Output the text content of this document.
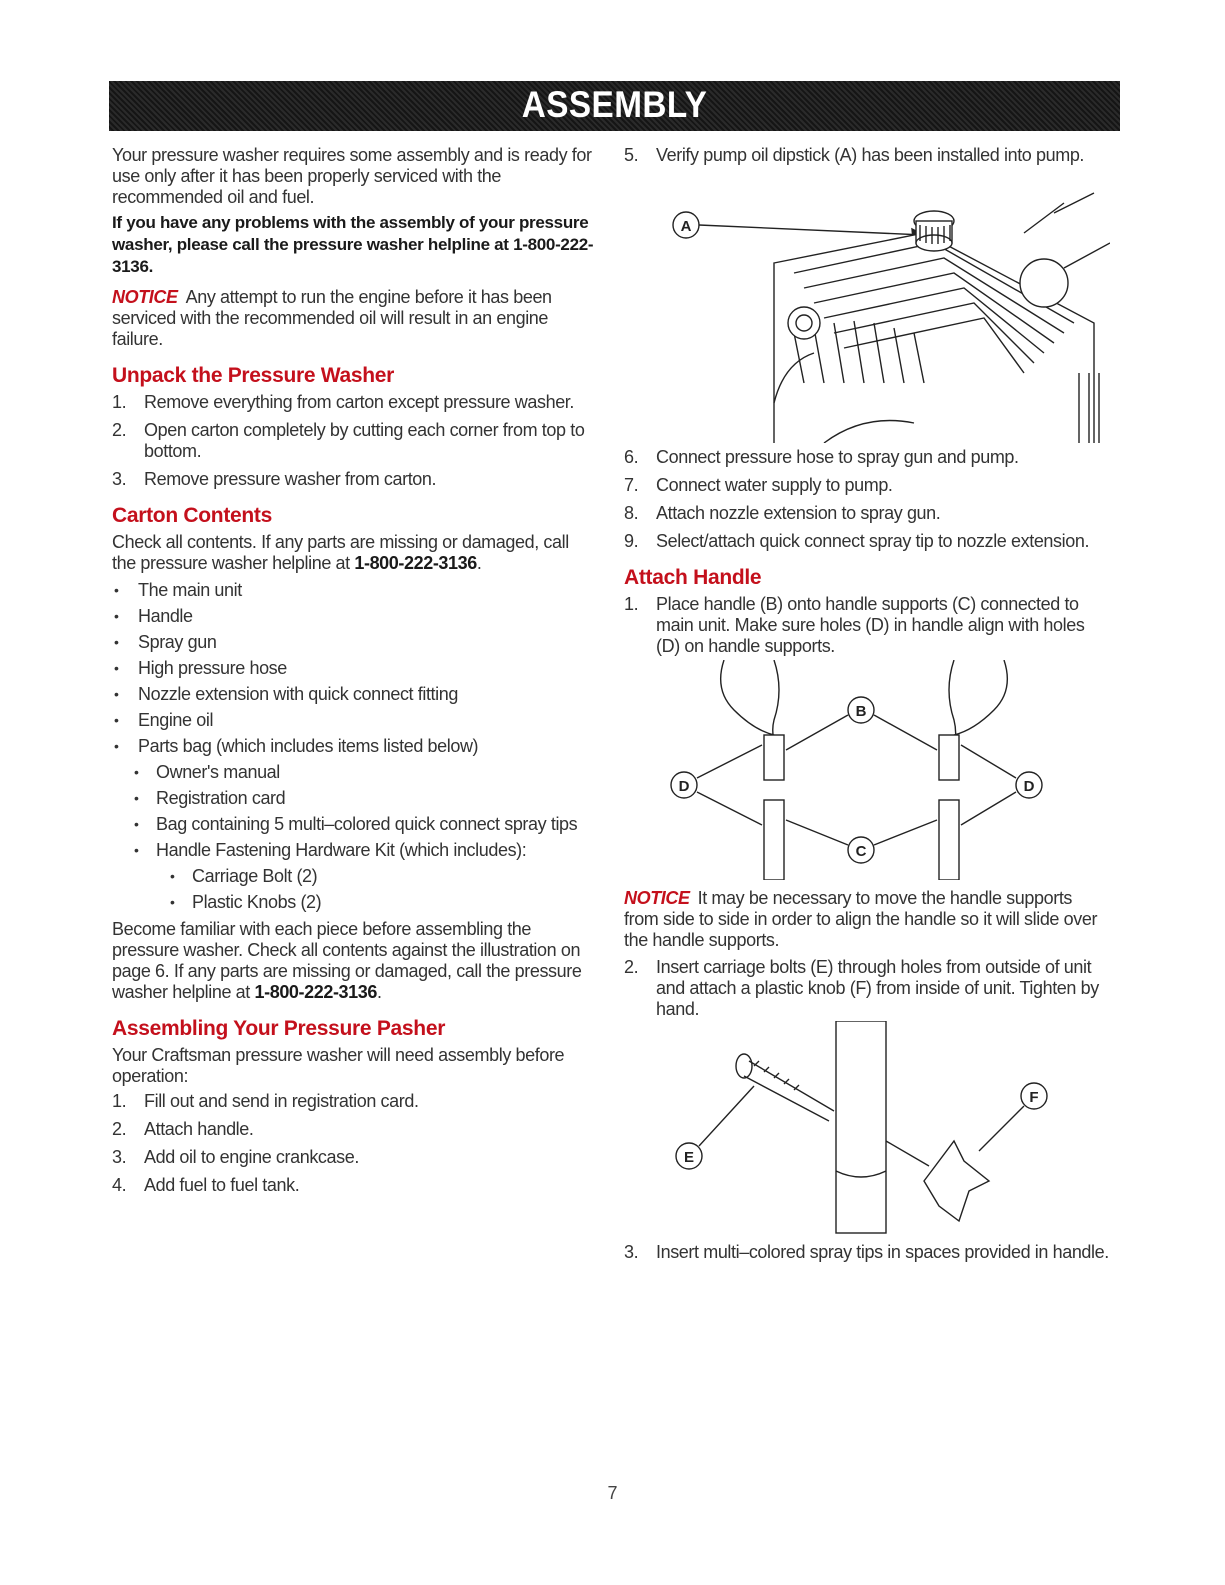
ASSEMBLY

Your pressure washer requires some assembly and is ready for use only after it has been properly serviced with the recommended oil and fuel.

If you have any problems with the assembly of your pressure washer, please call the pressure washer helpline at 1-800-222-3136.

NOTICE Any attempt to run the engine before it has been serviced with the recommended oil will result in an engine failure.

Unpack the Pressure Washer
1. Remove everything from carton except pressure washer.
2. Open carton completely by cutting each corner from top to bottom.
3. Remove pressure washer from carton.
Carton Contents

Check all contents. If any parts are missing or damaged, call the pressure washer helpline at 1-800-222-3136.

• The main unit
• Handle
• Spray gun
• High pressure hose
• Nozzle extension with quick connect fitting
• Engine oil
• Parts bag (which includes items listed below)
• Owner's manual
• Registration card
• Bag containing 5 multi–colored quick connect spray tips
• Handle Fastening Hardware Kit (which includes):
• Carriage Bolt (2)
• Plastic Knobs (2)

Become familiar with each piece before assembling the pressure washer. Check all contents against the illustration on page 6. If any parts are missing or damaged, call the pressure washer helpline at 1-800-222-3136.

Assembling Your Pressure Pasher

Your Craftsman pressure washer will need assembly before operation:

1. Fill out and send in registration card.
2. Attach handle.
3. Add oil to engine crankcase.
4. Add fuel to fuel tank.
5. Verify pump oil dipstick (A) has been installed into pump.
A
6. Connect pressure hose to spray gun and pump.
7. Connect water supply to pump.
8. Attach nozzle extension to spray gun.
9. Select/attach quick connect spray tip to nozzle extension.
Attach Handle
1. Place handle (B) onto handle supports (C) connected to main unit. Make sure holes (D) in handle align with holes (D) on handle supports.
B
D	D
C

NOTICE It may be necessary to move the handle supports from side to side in order to align the handle so it will slide over the handle supports.

2. Insert carriage bolts (E) through holes from outside of unit and attach a plastic knob (F) from inside of unit. Tighten by hand.
E
F
3. Insert multi–colored spray tips in spaces provided in handle.
7
